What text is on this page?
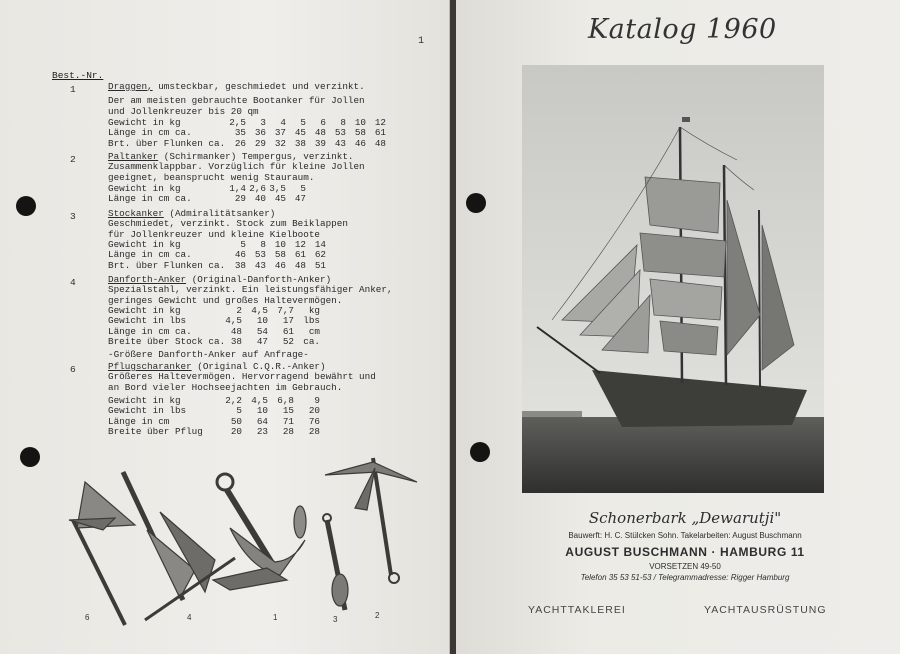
1
Best.-Nr.
1	Draggen, umsteckbar, geschmiedet und verzinkt.
Der am meisten gebrauchte Bootanker für Jollen
und Jollenkreuzer bis 20 qm
Gewicht in kg	2,5	3	4	5	6	8 10 12
Länge in cm ca.	35 36 37 45 48 53 58 61
Brt. über Flunken ca.	26 29 32 38 39 43 46 48
2	Paltanker (Schirmanker) Tempergus, verzinkt.
Zusammenklappbar. Vorzüglich für kleine Jollen
geeignet, beansprucht wenig Stauraum.
Gewicht in kg	1,4 2,6 3,5	5
Länge in cm ca.	29 40 45 47
3	Stockanker (Admiralitätsanker)
Geschmiedet, verzinkt. Stock zum Beiklappen
für Jollenkreuzer und kleine Kielboote
Gewicht in kg	5	8 10 12 14
Länge in cm ca.	46 53 58 61 62
Brt. über Flunken ca.	38 43 46 48 51
4	Danforth-Anker (Original-Danforth-Anker)
Spezialstahl, verzinkt. Ein leistungsfähiger Anker,
geringes Gewicht und großes Haltevermögen.
Gewicht in kg	2 4,5 7,7	kg
Gewicht in lbs	4,5	10	17 lbs
Länge in cm ca.	48	54	61	cm
Breite über Stock ca. 38	47	52 ca.
-Größere Danforth-Anker auf Anfrage-
6	Pflugscharanker (Original C.Q.R.-Anker)
Größeres Haltevermögen. Hervorragend bewährt und
an Bord vieler Hochseejachten im Gebrauch.
Gewicht in kg	2,2 4,5 6,8	9
Gewicht in lbs	5	10	15	20
Länge in cm	50	64	71	76
Breite über Pflug	20	23	28	28
6	4	1	3	2
Katalog 1960
Schonerbark „Dewarutji"
Bauwerft: H. C. Stülcken Sohn. Takelarbeiten: August Buschmann
AUGUST BUSCHMANN · HAMBURG 11
VORSETZEN 49-50
Telefon 35 53 51-53 / Telegrammadresse: Rigger Hamburg
YACHTTAKLEREI	YACHTAUSRÜSTUNG
